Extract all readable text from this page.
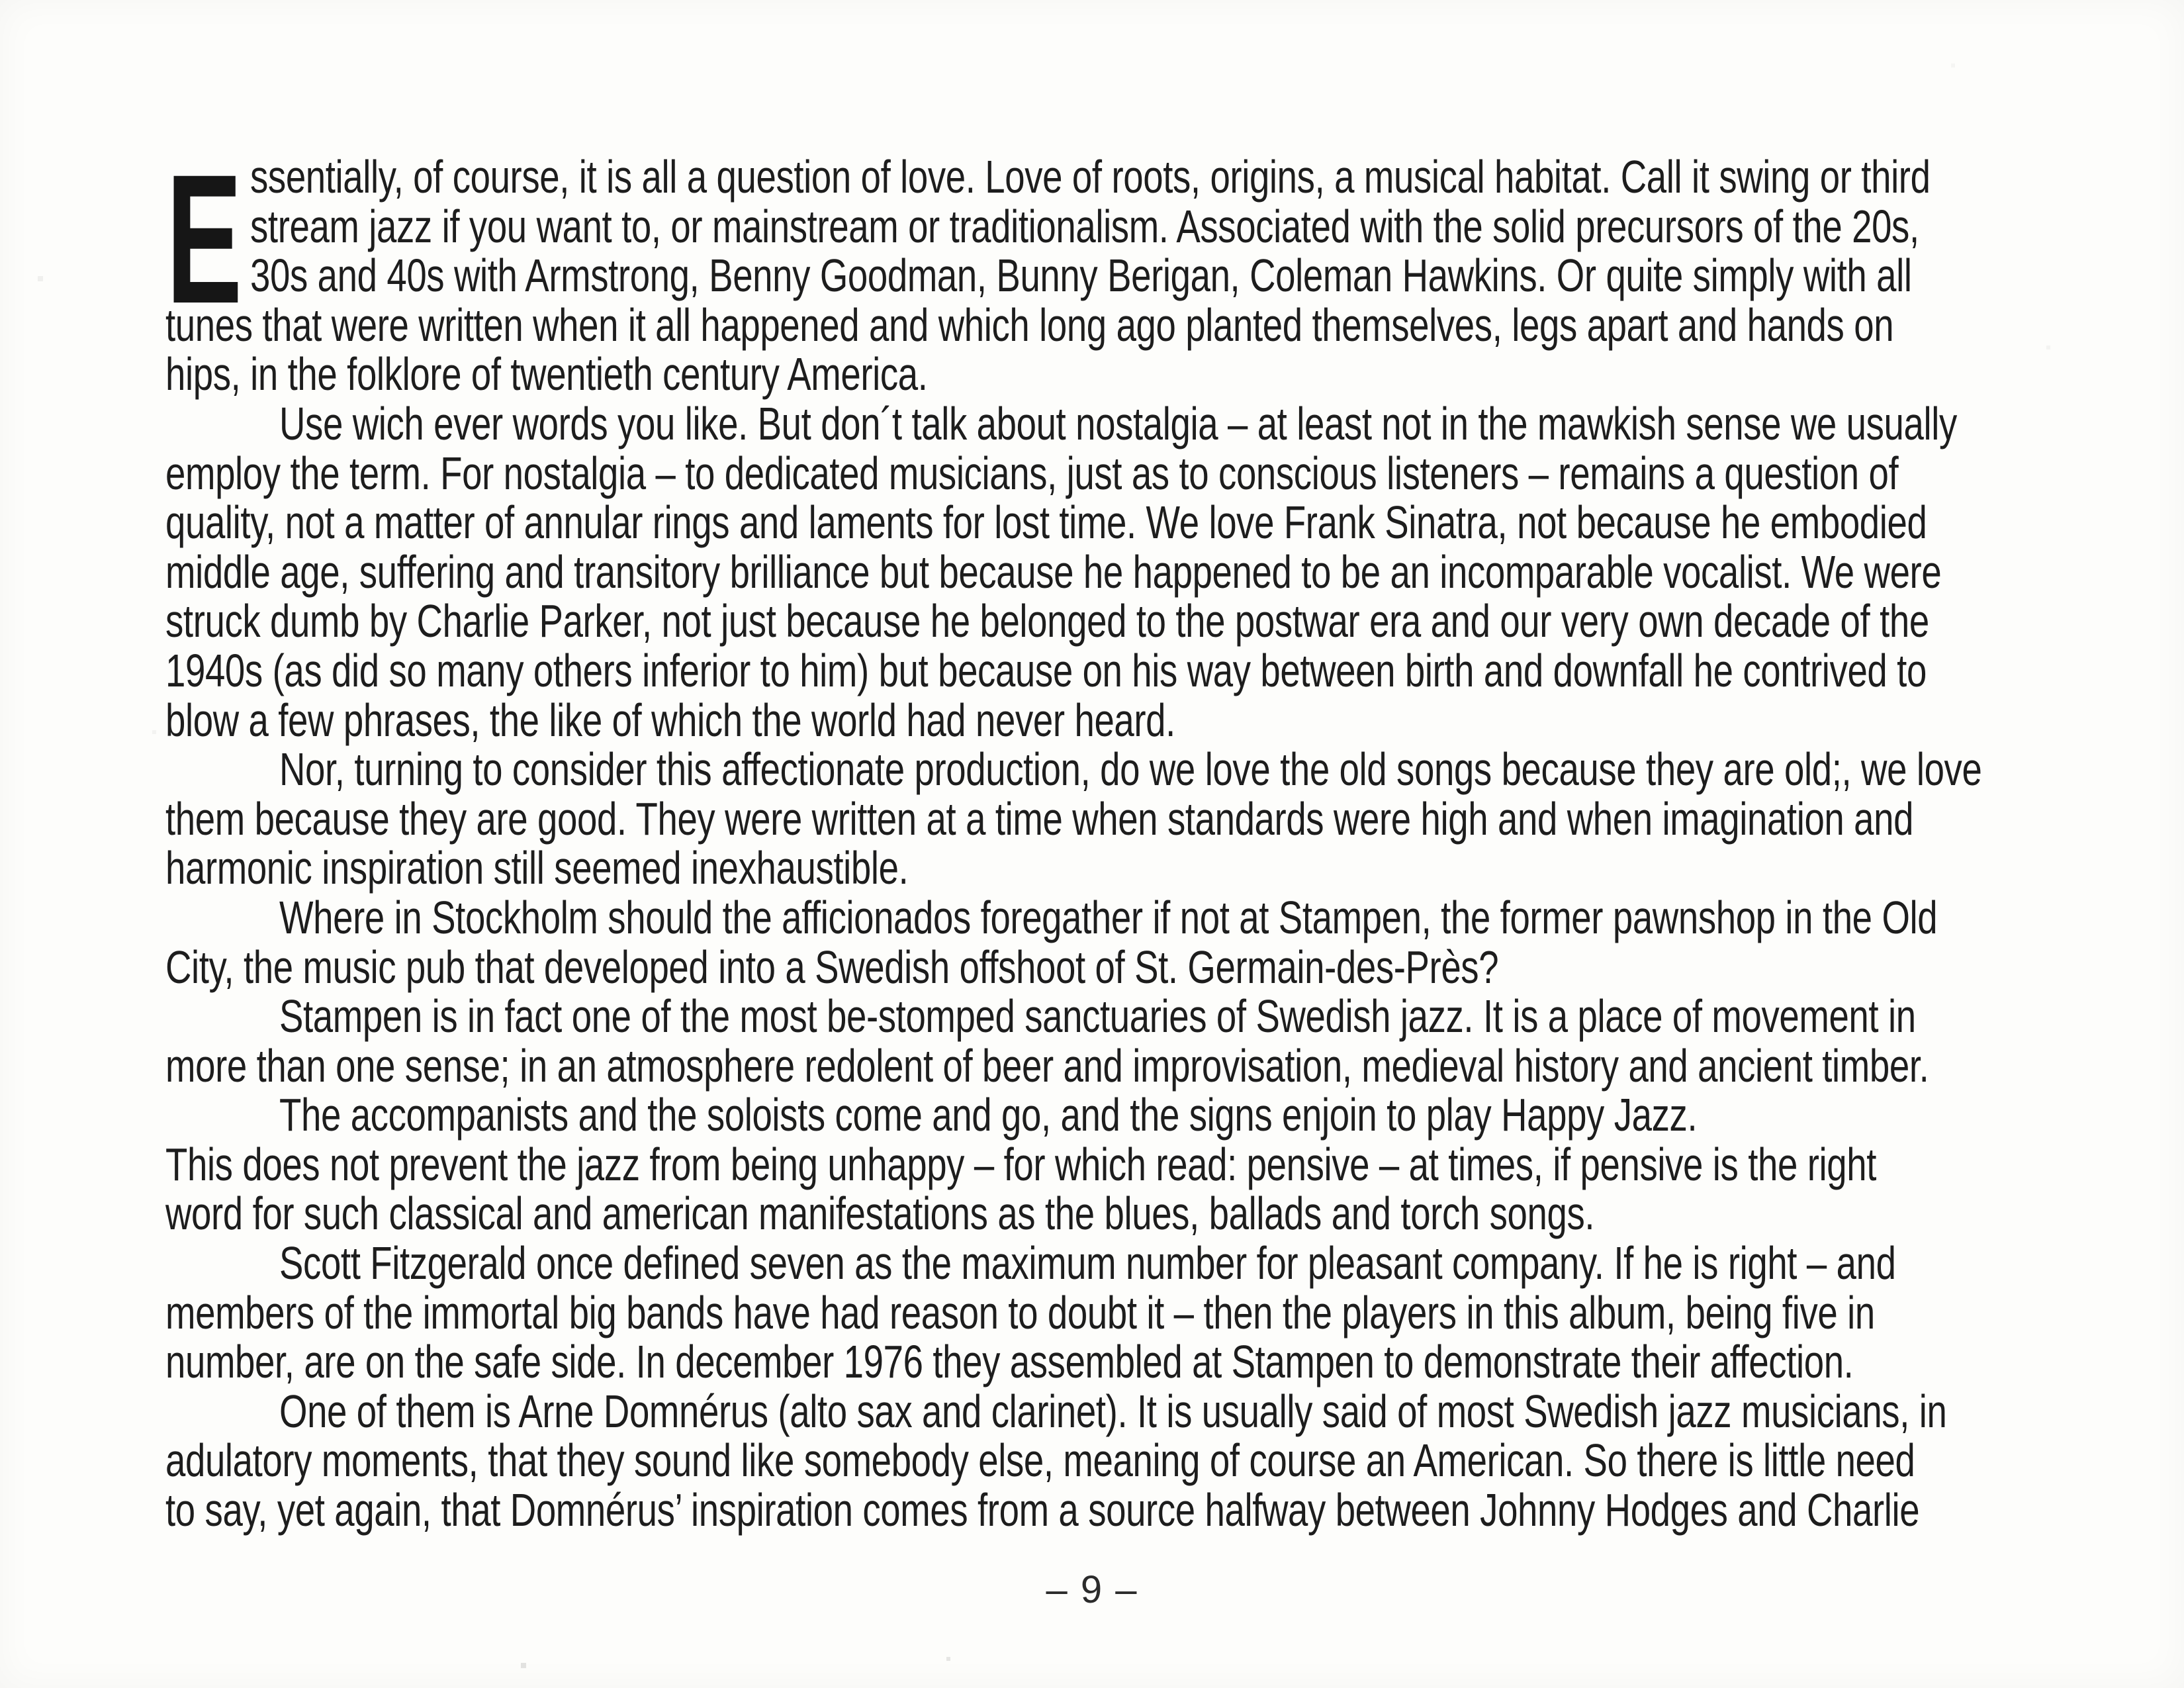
E ssentially, of course, it is all a question of love. Love of roots, origins, a musical habitat. Call it swing or third
stream jazz if you want to, or mainstream or traditionalism. Associated with the solid precursors of the 20s,
30s and 40s with Armstrong, Benny Goodman, Bunny Berigan, Coleman Hawkins. Or quite simply with all
tunes that were written when it all happened and which long ago planted themselves, legs apart and hands on
hips, in the folklore of twentieth century America.
Use wich ever words you like. But don´t talk about nostalgia – at least not in the mawkish sense we usually
employ the term. For nostalgia – to dedicated musicians, just as to conscious listeners – remains a question of
quality, not a matter of annular rings and laments for lost time. We love Frank Sinatra, not because he embodied
middle age, suffering and transitory brilliance but because he happened to be an incomparable vocalist. We were
struck dumb by Charlie Parker, not just because he belonged to the postwar era and our very own decade of the
1940s (as did so many others inferior to him) but because on his way between birth and downfall he contrived to
blow a few phrases, the like of which the world had never heard.
Nor, turning to consider this affectionate production, do we love the old songs because they are old;, we love
them because they are good. They were written at a time when standards were high and when imagination and
harmonic inspiration still seemed inexhaustible.
Where in Stockholm should the afficionados foregather if not at Stampen, the former pawnshop in the Old
City, the music pub that developed into a Swedish offshoot of St. Germain-des-Près?
Stampen is in fact one of the most be-stomped sanctuaries of Swedish jazz. It is a place of movement in
more than one sense; in an atmosphere redolent of beer and improvisation, medieval history and ancient timber.
The accompanists and the soloists come and go, and the signs enjoin to play Happy Jazz.
This does not prevent the jazz from being unhappy – for which read: pensive – at times, if pensive is the right
word for such classical and american manifestations as the blues, ballads and torch songs.
Scott Fitzgerald once defined seven as the maximum number for pleasant company. If he is right – and
members of the immortal big bands have had reason to doubt it – then the players in this album, being five in
number, are on the safe side. In december 1976 they assembled at Stampen to demonstrate their affection.
One of them is Arne Domnérus (alto sax and clarinet). It is usually said of most Swedish jazz musicians, in
adulatory moments, that they sound like somebody else, meaning of course an American. So there is little need
to say, yet again, that Domnérus’ inspiration comes from a source halfway between Johnny Hodges and Charlie
– 9 –
